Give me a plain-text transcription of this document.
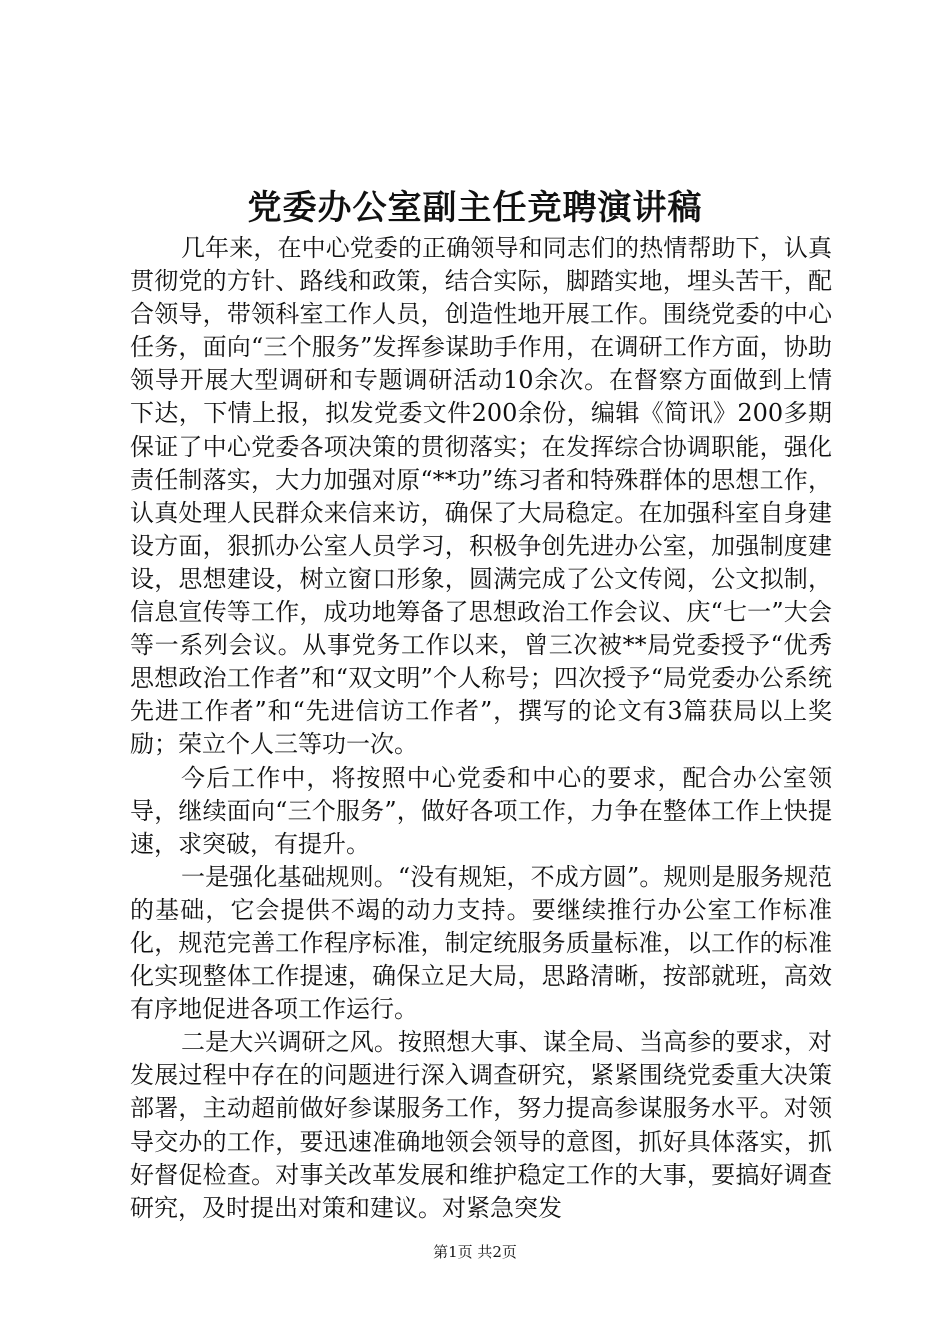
党委办公室副主任竞聘演讲稿

几年来，在中心党委的正确领导和同志们的热情帮助下，认真贯彻党的方针、路线和政策，结合实际，脚踏实地，埋头苦干，配合领导，带领科室工作人员，创造性地开展工作。围绕党委的中心任务，面向“三个服务”发挥参谋助手作用，在调研工作方面，协助领导开展大型调研和专题调研活动10余次。在督察方面做到上情下达，下情上报，拟发党委文件200余份，编辑《简讯》200多期保证了中心党委各项决策的贯彻落实；在发挥综合协调职能，强化责任制落实，大力加强对原“**功”练习者和特殊群体的思想工作，认真处理人民群众来信来访，确保了大局稳定。在加强科室自身建设方面，狠抓办公室人员学习，积极争创先进办公室，加强制度建设，思想建设，树立窗口形象，圆满完成了公文传阅，公文拟制，信息宣传等工作，成功地筹备了思想政治工作会议、庆“七一”大会等一系列会议。从事党务工作以来，曾三次被**局党委授予“优秀思想政治工作者”和“双文明”个人称号；四次授予“局党委办公系统先进工作者”和“先进信访工作者”，撰写的论文有3篇获局以上奖励；荣立个人三等功一次。

今后工作中，将按照中心党委和中心的要求，配合办公室领导，继续面向“三个服务”，做好各项工作，力争在整体工作上快提速，求突破，有提升。

一是强化基础规则。“没有规矩，不成方圆”。规则是服务规范的基础，它会提供不竭的动力支持。要继续推行办公室工作标准化，规范完善工作程序标准，制定统服务质量标准，以工作的标准化实现整体工作提速，确保立足大局，思路清晰，按部就班，高效有序地促进各项工作运行。

二是大兴调研之风。按照想大事、谋全局、当高参的要求，对发展过程中存在的问题进行深入调查研究，紧紧围绕党委重大决策部署，主动超前做好参谋服务工作，努力提高参谋服务水平。对领导交办的工作，要迅速准确地领会领导的意图，抓好具体落实，抓好督促检查。对事关改革发展和维护稳定工作的大事，要搞好调查研究，及时提出对策和建议。对紧急突发

第1页 共2页
